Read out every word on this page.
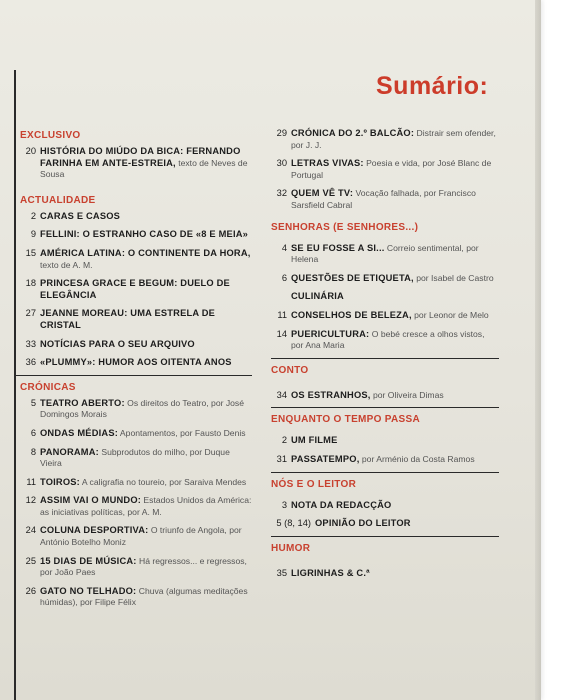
Sumário:
EXCLUSIVO
20 HISTÓRIA DO MIÚDO DA BICA: FERNANDO FARINHA EM ANTE-ESTREIA, texto de Neves de Sousa
ACTUALIDADE
2 CARAS E CASOS
9 FELLINI: O ESTRANHO CASO DE «8 E MEIA»
15 AMÉRICA LATINA: O CONTINENTE DA HORA, texto de A. M.
18 PRINCESA GRACE E BEGUM: DUELO DE ELEGÂNCIA
27 JEANNE MOREAU: UMA ESTRELA DE CRISTAL
33 NOTÍCIAS PARA O SEU ARQUIVO
36 «PLUMMY»: HUMOR AOS OITENTA ANOS
CRÓNICAS
5 TEATRO ABERTO: Os direitos do Teatro, por José Domingos Morais
6 ONDAS MÉDIAS: Apontamentos, por Fausto Denis
8 PANORAMA: Subprodutos do milho, por Duque Vieira
11 TOIROS: A caligrafia no toureio, por Saraiva Mendes
12 ASSIM VAI O MUNDO: Estados Unidos da América: as iniciativas políticas, por A. M.
24 COLUNA DESPORTIVA: O triunfo de Angola, por António Botelho Moniz
25 15 DIAS DE MÚSICA: Há regressos... e regressos, por João Paes
26 GATO NO TELHADO: Chuva (algumas meditações húmidas), por Filipe Félix
29 CRÓNICA DO 2.º BALCÃO: Distrair sem ofender, por J. J.
30 LETRAS VIVAS: Poesia e vida, por José Blanc de Portugal
32 QUEM VÊ TV: Vocação falhada, por Francisco Sarsfield Cabral
SENHORAS (E SENHORES...)
4 SE EU FOSSE A SI... Correio sentimental, por Helena
6 QUESTÕES DE ETIQUETA, por Isabel de Castro
CULINÁRIA
11 CONSELHOS DE BELEZA, por Leonor de Melo
14 PUERICULTURA: O bebé cresce a olhos vistos, por Ana Maria
CONTO
34 OS ESTRANHOS, por Oliveira Dimas
ENQUANTO O TEMPO PASSA
2 UM FILME
31 PASSATEMPO, por Arménio da Costa Ramos
NÓS E O LEITOR
3 NOTA DA REDACÇÃO
5 (8, 14) OPINIÃO DO LEITOR
HUMOR
35 LIGRINHAS & C.ª
